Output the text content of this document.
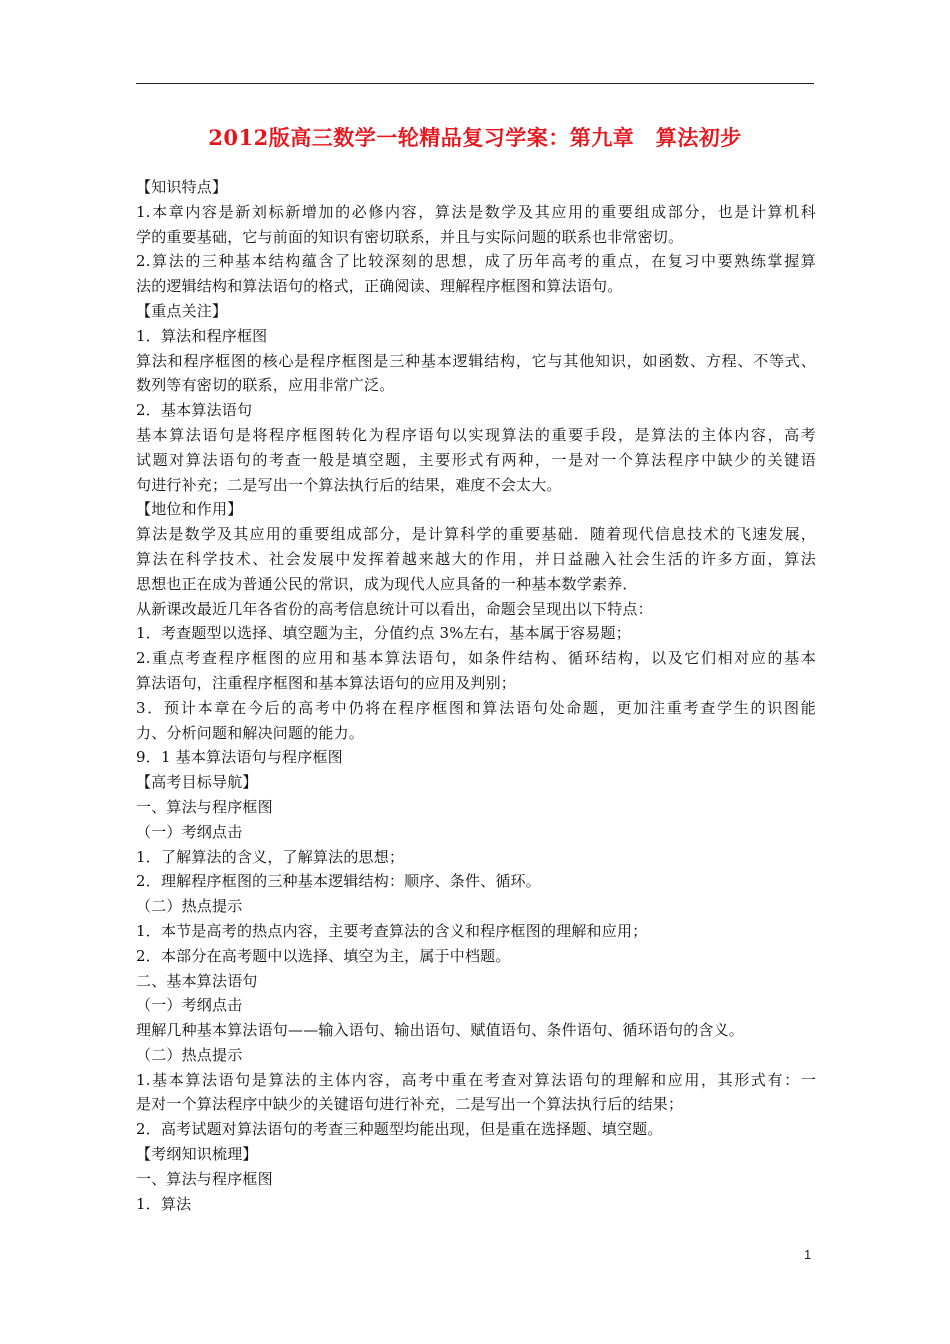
2012版高三数学一轮精品复习学案：第九章　算法初步
【知识特点】
1.本章内容是新刘标新增加的必修内容，算法是数学及其应用的重要组成部分，也是计算机科
学的重要基础，它与前面的知识有密切联系，并且与实际问题的联系也非常密切。
2.算法的三种基本结构蕴含了比较深刻的思想，成了历年高考的重点，在复习中要熟练掌握算
法的逻辑结构和算法语句的格式，正确阅读、理解程序框图和算法语句。
【重点关注】
1．算法和程序框图
算法和程序框图的核心是程序框图是三种基本逻辑结构，它与其他知识，如函数、方程、不等式、
数列等有密切的联系，应用非常广泛。
2．基本算法语句
基本算法语句是将程序框图转化为程序语句以实现算法的重要手段，是算法的主体内容，高考
试题对算法语句的考查一般是填空题，主要形式有两种，一是对一个算法程序中缺少的关键语
句进行补充；二是写出一个算法执行后的结果，难度不会太大。
【地位和作用】
算法是数学及其应用的重要组成部分，是计算科学的重要基础．随着现代信息技术的飞速发展，
算法在科学技术、社会发展中发挥着越来越大的作用，并日益融入社会生活的许多方面，算法
思想也正在成为普通公民的常识，成为现代人应具备的一种基本数学素养．
从新课改最近几年各省份的高考信息统计可以看出，命题会呈现出以下特点：
1．考查题型以选择、填空题为主，分值约点 3%左右，基本属于容易题；
2.重点考查程序框图的应用和基本算法语句，如条件结构、循环结构，以及它们相对应的基本
算法语句，注重程序框图和基本算法语句的应用及判别；
3．预计本章在今后的高考中仍将在程序框图和算法语句处命题，更加注重考查学生的识图能
力、分析问题和解决问题的能力。
9．1 基本算法语句与程序框图
【高考目标导航】
一、算法与程序框图
（一）考纲点击
1．了解算法的含义，了解算法的思想；
2．理解程序框图的三种基本逻辑结构：顺序、条件、循环。
（二）热点提示
1．本节是高考的热点内容，主要考查算法的含义和程序框图的理解和应用；
2．本部分在高考题中以选择、填空为主，属于中档题。
二、基本算法语句
（一）考纲点击
理解几种基本算法语句——输入语句、输出语句、赋值语句、条件语句、循环语句的含义。
（二）热点提示
1.基本算法语句是算法的主体内容，高考中重在考查对算法语句的理解和应用，其形式有：一
是对一个算法程序中缺少的关键语句进行补充，二是写出一个算法执行后的结果；
2．高考试题对算法语句的考查三种题型均能出现，但是重在选择题、填空题。
【考纲知识梳理】
一、算法与程序框图
1．算法
1
